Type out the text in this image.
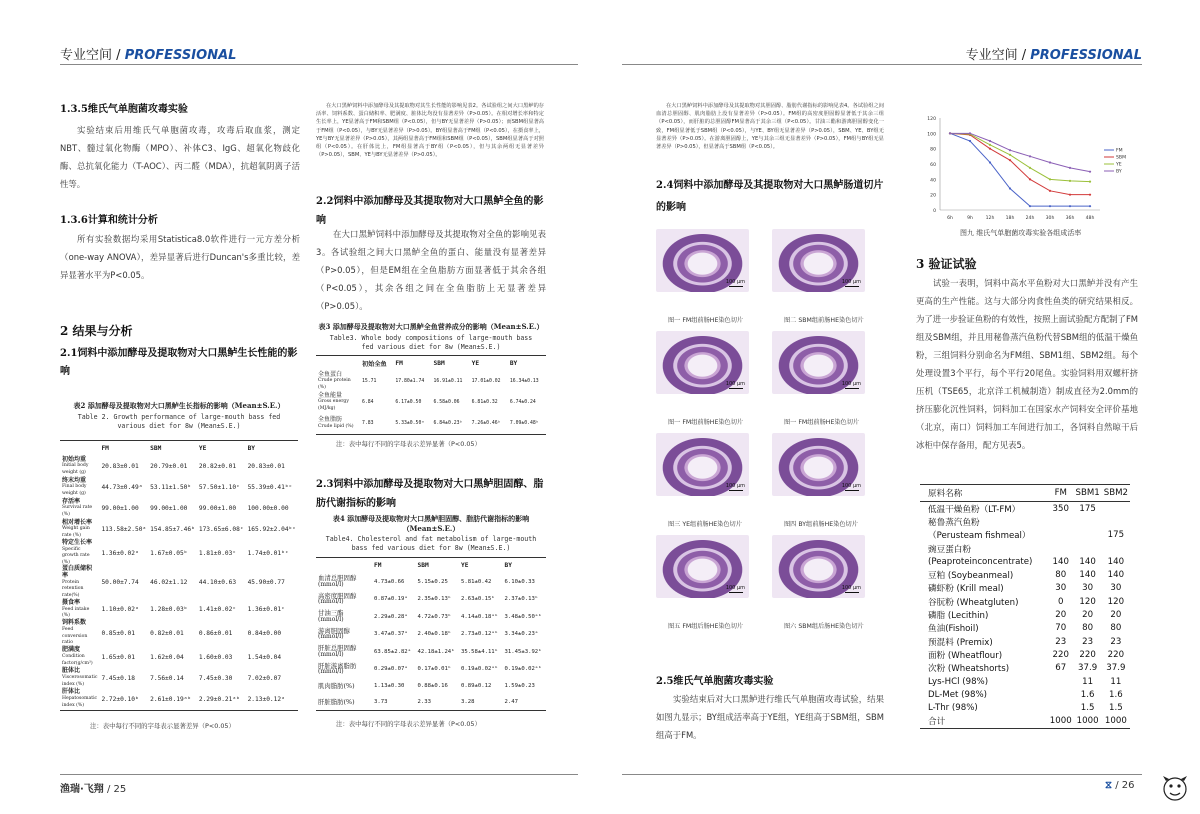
专业空间 / PROFESSIONAL	专业空间 / PROFESSIONAL
1.3.5维氏气单胞菌攻毒实验
实验结束后用维氏气单胞菌攻毒，攻毒后取血浆，测定NBT、髓过氧化物酶（MPO）、补体C3、IgG、超氧化物歧化酶、总抗氧化能力（T-AOC）、丙二醛（MDA），抗超氧阴离子活性等。
1.3.6计算和统计分析
所有实验数据均采用Statistica8.0软件进行一元方差分析（one-way ANOVA），差异显著后进行Duncan's多重比较，差异显著水平为P<0.05。
2 结果与分析
2.1饲料中添加酵母及提取物对大口黑鲈生长性能的影响
表2 添加酵母及提取物对大口黑鲈生长指标的影响（Mean±S.E.）
Table 2. Growth performance of large-mouth bass fed various diet for 8w (Mean±S.E.)
	FM	SBM	YE	BY

初始均重
Initial body weight (g)	20.83±0.01	20.79±0.01	20.82±0.01	20.83±0.01

终末均重
Final body weight (g)	44.73±0.49ᵃ	53.11±1.50ᵇ	57.50±1.10ᶜ	55.39±0.41ᵇᶜ

存活率
Survival rate (%)	99.00±1.00	99.00±1.00	99.00±1.00	100.00±0.00

相对增长率
Weight gain rate (%)	113.58±2.50ᵃ	154.85±7.46ᵇ	173.65±6.08ᶜ	165.92±2.04ᵇᶜ

特定生长率
Specific growth rate (%)	1.36±0.02ᵃ	1.67±0.05ᵇ	1.81±0.03ᶜ	1.74±0.01ᵇᶜ

蛋白质储积率
Protein retention rate(%)	50.00±7.74	46.02±1.12	44.10±0.63	45.90±0.77

摄食率
Feed intake (%)	1.10±0.02ᵃ	1.28±0.03ᵇ	1.41±0.02ᶜ	1.36±0.01ᶜ

饲料系数
Feed conversion ratio	0.85±0.01	0.82±0.01	0.86±0.01	0.84±0.00

肥满度
Condition factor(g/cm³)	1.65±0.01	1.62±0.04	1.60±0.03	1.54±0.04

脏体比
Viscerosomatic index (%)	7.45±0.18	7.56±0.14	7.45±0.30	7.02±0.07

肝体比
Hepatosomatic index (%)	2.72±0.10ᵇ	2.61±0.19ᵃᵇ	2.29±0.21ᵃᵇ	2.13±0.12ᵃ
注：表中每行不同的字母表示显著差异（P<0.05）
在大口黑鲈饲料中添加酵母及其提取物对其生长性能的影响见表2。各试验组之间大口黑鲈的存活率、饲料系数、蛋白储积率、肥满度、脏体比均没有显著差异（P>0.05）。在相对增长率和特定生长率上，YE显著高于FM和SBM组（P<0.05），但与BY无显著差异（P>0.05）；而SBM组显著高于FM组（P<0.05），与BY无显著差异（P>0.05）。BY组显著高于FM组（P<0.05），在摄食率上，YE与BY无显著差异（P>0.05），其两组显著高于FM组和SBM组（P<0.05），SBM组显著高于对照组（P<0.05）。在肝体比上，FM组显著高于BY组（P<0.05），但与其余两组无显著差异（P>0.05），SBM、YE与BY无显著差异（P>0.05）。
2.2饲料中添加酵母及其提取物对大口黑鲈全鱼的影响
在大口黑鲈饲料中添加酵母及其提取物对全鱼的影响见表3。各试验组之间大口黑鲈全鱼的蛋白、能量没有显著差异（P>0.05），但是EM组在全鱼脂肪方面显著低于其余各组（P<0.05），其余各组之间在全鱼脂肪上无显著差异（P>0.05）。
表3 添加酵母及提取物对大口黑鲈全鱼营养成分的影响（Mean±S.E.）
Table3. Whole body compositions of large-mouth bass fed various diet for 8w (Mean±S.E.)
	初始全鱼	FM	SBM	YE	BY

全鱼蛋白
Crude protein (%)	15.71	17.80±1.74	16.91±0.11	17.01±0.02	16.34±0.13

全鱼能量
Gross energy (MJ/kg)	6.84	6.17±0.50	6.58±0.06	6.81±0.32	6.74±0.24

全鱼脂肪
Crude lipid (%)	7.83	5.33±0.50ᵃ	6.84±0.23ᵇ	7.26±0.46ᵇ	7.09±0.48ᵇ
注：表中每行不同的字母表示差异显著（P<0.05）
2.3饲料中添加酵母及提取物对大口黑鲈胆固醇、脂肪代谢指标的影响
表4 添加酵母及提取物对大口黑鲈胆固醇、脂肪代谢指标的影响（Mean±S.E.）
Table4. Cholesterol and fat metabolism of large-mouth bass fed various diet for 8w (Mean±S.E.)
	FM	SBM	YE	BY

血清总胆固醇
(mmol/l)	4.73±0.66	5.15±0.25	5.81±0.42	6.10±0.33

高密度胆固醇
(mmol/l)	0.87±0.19ᵃ	2.35±0.13ᵇ	2.63±0.15ᵇ	2.37±0.13ᵇ

甘油三酯
(mmol/l)	2.29±0.28ᵃ	4.72±0.73ᵇ	4.14±0.18ᵃᵇ	3.48±0.50ᵃᵇ

游离胆固醇
(mmol/l)	3.47±0.37ᵃ	2.40±0.18ᵇ	2.73±0.12ᵃᵇ	3.34±0.23ᵃ

肝脏总胆固醇
(mmol/l)	63.85±2.82ᵃ	42.18±1.24ᵇ	35.58±4.11ᵇ	31.45±3.92ᵇ

肝脏游离脂肪
(mmol/l)	0.29±0.07ᵃ	0.17±0.01ᵇ	0.19±0.02ᵃᵇ	0.19±0.02ᵃᵇ

肌肉脂肪(%)	1.13±0.30	0.88±0.16	0.89±0.12	1.59±0.23

肝脏脂肪(%)	3.73	2.33	3.28	2.47
注：表中每行不同的字母表示差异显著（P<0.05）
在大口黑鲈饲料中添加酵母及其提取物对其胆固醇、脂肪代谢指标的影响见表4。各试验组之间血清总胆固醇、肌肉脂肪上没有显著差异（P>0.05）。FM组的高密度胆固醇显著低于其余三组（P<0.05），而肝脏的总胆固醇FM显著高于其余三组（P<0.05）。甘油三酯和游离胆固醇变化一致，FM组显著低于SBM组（P<0.05），与YE、BY组无显著差异（P>0.05），SBM、YE、BY组无显著差异（P>0.05）。在游离胆固醇上，YE与其余三组无显著差异（P>0.05），FM组与BY组无显著差异（P>0.05），但显著高于SBM组（P<0.05）。
2.4饲料中添加酵母及其提取物对大口黑鲈肠道切片的影响
100 μm
图一 FM组前肠HE染色切片
100 μm
图二 SBM组前肠HE染色切片
100 μm
图一 FM组前肠HE染色切片
100 μm
图一 FM组前肠HE染色切片
100 μm
图三 YE组前肠HE染色切片
100 μm
图四 BY组前肠HE染色切片
100 μm
图五 FM组后肠HE染色切片
100 μm
图六 SBM组后肠HE染色切片
2.5维氏气单胞菌攻毒实验
实验结束后对大口黑鲈进行维氏气单胞菌攻毒试验，结果如图九显示；BY组成活率高于YE组，YE组高于SBM组，SBM组高于FM。
0
20
40
60
80
100
120
6h	9h	12h 18h 24h 30h 36h 48h
FM
SBM
YE
BY
图九 维氏气单胞菌攻毒实验各组成活率
3 验证试验
试验一表明，饲料中高水平鱼粉对大口黑鲈并没有产生更高的生产性能。这与大部分肉食性鱼类的研究结果相反。为了进一步验证鱼粉的有效性，按照上面试验配方配制了FM组及SBM组，并且用秘鲁蒸汽鱼粉代替SBM组的低温干燥鱼粉，三组饲料分别命名为FM组、SBM1组、SBM2组。每个处理设置3个平行，每个平行20尾鱼。实验饲料用双螺杆挤压机（TSE65，北京洋工机械制造）制成直径为2.0mm的挤压膨化沉性饲料，饲料加工在国家水产饲料安全评价基地（北京，南口）饲料加工车间进行加工，各饲料自然晾干后冰柜中保存备用，配方见表5。
原料名称	FM	SBM1	SBM2
低温干燥鱼粉（LT-FM）	350	175	
秘鲁蒸汽鱼粉			
（Perusteam fishmeal）			175
豌豆蛋白粉			
(Peaproteinconcentrate)	140	140	140
豆粕 (Soybeanmeal)	80	140	140
磷虾粉 (Krill meal)	30	30	30
谷朊粉 (Wheatgluten)	0	120	120
磷脂 (Lecithin)	20	20	20
鱼油(Fishoil)	70	80	80
预混料 (Premix)	23	23	23
面粉 (Wheatflour)	220	220	220
次粉 (Wheatshorts)	67	37.9	37.9
Lys-HCl (98%)		11	11
DL-Met (98%)		1.6	1.6
L-Thr (98%)		1.5	1.5
合计	1000	1000	1000
渔瑞·飞翔 / 25	⧖ / 26
